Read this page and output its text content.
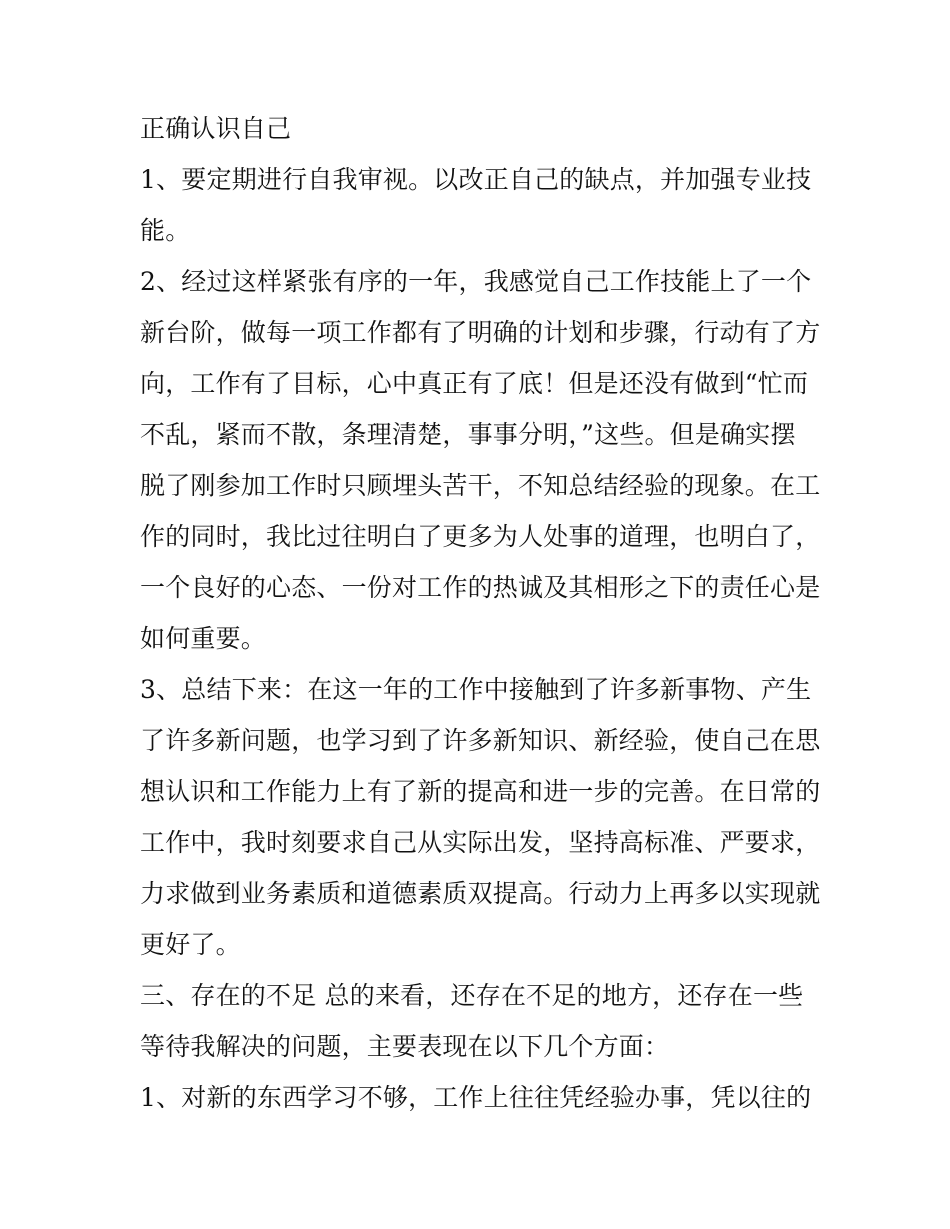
正确认识自己
1、要定期进行自我审视。以改正自己的缺点，并加强专业技
能。
2、经过这样紧张有序的一年，我感觉自己工作技能上了一个
新台阶，做每一项工作都有了明确的计划和步骤，行动有了方
向，工作有了目标，心中真正有了底！但是还没有做到“忙而
不乱，紧而不散，条理清楚，事事分明，”这些。但是确实摆
脱了刚参加工作时只顾埋头苦干，不知总结经验的现象。在工
作的同时，我比过往明白了更多为人处事的道理，也明白了，
一个良好的心态、一份对工作的热诚及其相形之下的责任心是
如何重要。
3、总结下来：在这一年的工作中接触到了许多新事物、产生
了许多新问题，也学习到了许多新知识、新经验，使自己在思
想认识和工作能力上有了新的提高和进一步的完善。在日常的
工作中，我时刻要求自己从实际出发，坚持高标准、严要求，
力求做到业务素质和道德素质双提高。行动力上再多以实现就
更好了。
三、存在的不足 总的来看，还存在不足的地方，还存在一些
等待我解决的问题，主要表现在以下几个方面：
1、对新的东西学习不够，工作上往往凭经验办事，凭以往的
